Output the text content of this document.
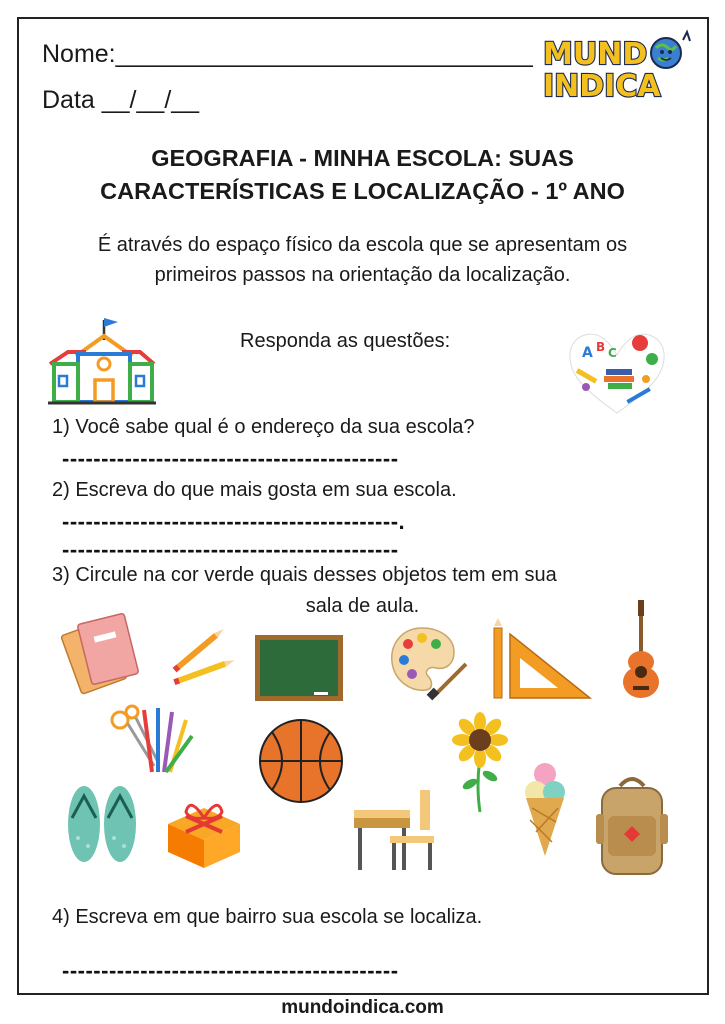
Nome:______________________________
Data __/__/__
MUND
INDICA
GEOGRAFIA - MINHA ESCOLA: SUAS
CARACTERÍSTICAS E LOCALIZAÇÃO - 1º ANO
É através do espaço físico da escola que se apresentam os
primeiros passos na orientação da localização.
Responda as questões:
A B C
1) Você sabe qual é o endereço da sua escola?
-------------------------------------------
2) Escreva do que mais gosta em sua escola.
-------------------------------------------.
-------------------------------------------
3) Circule na cor verde quais desses objetos tem em sua
sala de aula.
4) Escreva em que bairro sua escola se localiza.
-------------------------------------------
mundoindica.com
